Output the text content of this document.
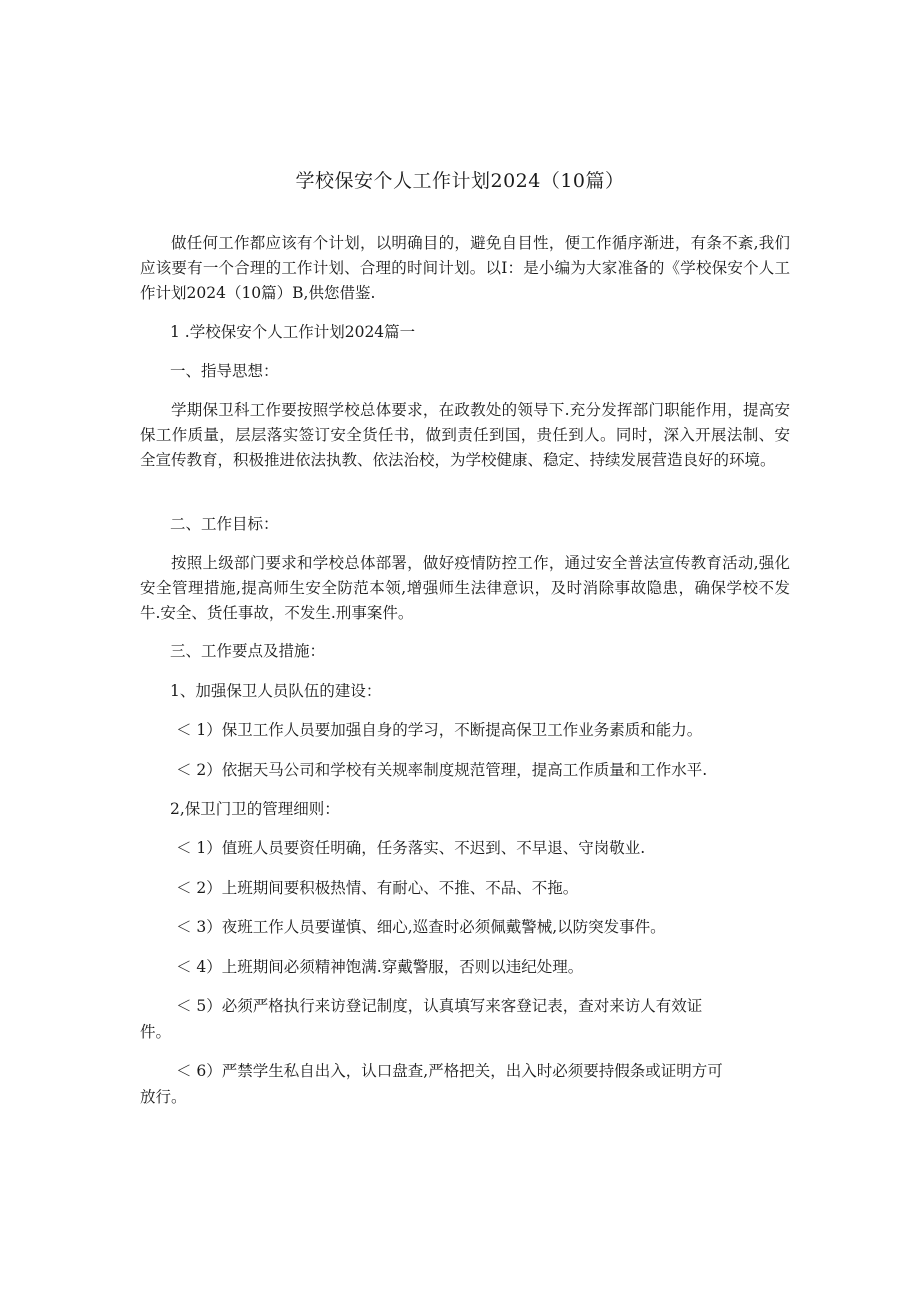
学校保安个人工作计划2024（10篇）

做任何工作都应该有个计划，以明确目的，避免自目性，便工作循序渐进，有条不紊,我们应该要有一个合理的工作计划、合理的时间计划。以I：是小编为大家准备的《学校保安个人工作计划2024（10篇）B,供您借鉴.

1 .学校保安个人工作计划2024篇一

一、指导思想：

学期保卫科工作要按照学校总体要求，在政教处的领导下.充分发挥部门职能作用，提高安保工作质量，层层落实签订安全货任书，做到责任到国，贵任到人。同时，深入开展法制、安全宣传教育，积极推进依法执教、依法治校，为学校健康、稳定、持续发展营造良好的环境。

二、工作目标：

按照上级部门要求和学校总体部署，做好疫情防控工作，通过安全普法宣传教育活动,强化安全管理措施,提高师生安全防范本领,增强师生法律意识，及时消除事故隐患，确保学校不发牛.安全、货任事故，不发生.刑事案件。

三、工作要点及措施：

1、加强保卫人员队伍的建设：

＜ 1）保卫工作人员要加强自身的学习，不断提高保卫工作业务素质和能力。

＜ 2）依据天马公司和学校有关规率制度规范管理，提高工作质量和工作水平.

2,保卫门卫的管理细则：

＜ 1）值班人员要资任明确，任务落实、不迟到、不早退、守岗敬业.

＜ 2）上班期间要积极热情、有耐心、不推、不品、不拖。

＜ 3）夜班工作人员要谨慎、细心,巡查时必须佩戴警械,以防突发事件。

＜ 4）上班期间必须精神饱满.穿戴警服，否则以违纪处理。

＜ 5）必须严格执行来访登记制度，认真填写来客登记表，查对来访人有效证

件。

＜ 6）严禁学生私自出入，认口盘查,严格把关，出入时必须要持假条或证明方可

放行。
